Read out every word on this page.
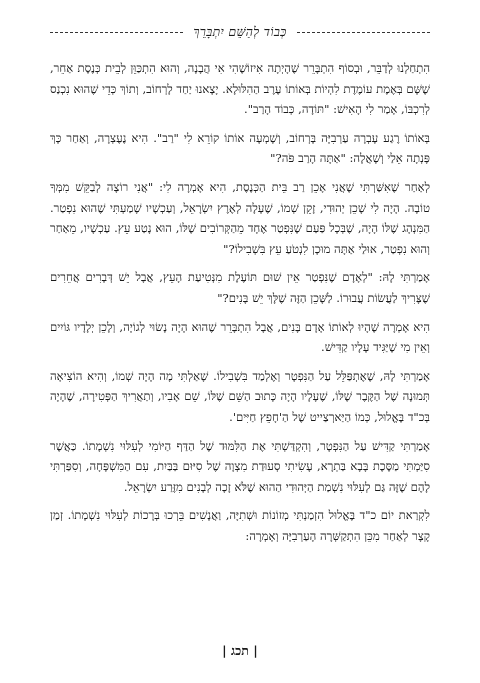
כְּבוֹד לְהַשֵּׁם יִתְבָּרֵךְ

הִתְחַלְנוּ לְדַבֵּר, וּבְסוֹף הִתְבָּרֵר שֶׁהָיְתָה אִיזוֹשֶׁהִי אִי הֲבָנָה, וְהוּא הִתְכַּוֵּן לְבֵית כְּנֶסֶת אַחֵר, שֶׁשָּׁם בְּאֶמֶת עוֹמֶדֶת לִהְיוֹת בְּאוֹתוֹ עֶרֶב הַהִלּוּלָא. יָצָאנוּ יַחַד לָרְחוֹב, וְתוֹךְ כְּדֵי שֶׁהוּא נִכְנַס לְרִכְבּוֹ, אָמַר לִי הָאִישׁ: "תּוֹדָה, כְּבוֹד הָרַב".

בְּאוֹתוֹ רֶגַע עָבְרָה עַרְבִיָּה בָּרְחוֹב, וְשָׁמְעָה אוֹתוֹ קוֹרֵא לִי "רַב". הִיא נֶעֶצְרָה, וְאַחַר כָּךְ פָּנְתָה אֵלַי וְשָׁאֲלָה: "אַתָּה הָרַב פֹּה?"

לְאַחַר שֶׁאִשַּׁרְתִּי שֶׁאֲנִי אָכֵן רַב בֵּית הַכְּנֶסֶת, הִיא אָמְרָה לִי: "אֲנִי רוֹצָה לְבַקֵּשׁ מִמְּךָ טוֹבָה. הָיָה לִי שָׁכֵן יְהוּדִי, זָקֵן שְׁמוֹ, שֶׁעָלָה לְאֶרֶץ יִשְׂרָאֵל, וְעַכְשָׁיו שָׁמַעְתִּי שֶׁהוּא נִפְטַר. הַמִּנְהָג שֶׁלּוֹ הָיָה, שֶׁבְּכָל פַּעַם שֶׁנִּפְטַר אֶחָד מֵהַקְּרוֹבִים שֶׁלּוֹ, הוּא נָטַע עֵץ. עַכְשָׁיו, מֵאַחַר וְהוּא נִפְטַר, אוּלַי אַתָּה מוּכָן לִנְטֹעַ עֵץ בִּשְׁבִילוֹ?"

אָמַרְתִּי לָהּ: "לְאָדָם שֶׁנִּפְטַר אֵין שׁוּם תּוֹעֶלֶת מִנְּטִיעַת הָעֵץ, אֲבָל יֵשׁ דְּבָרִים אֲחֵרִים שֶׁצָּרִיךְ לַעֲשׂוֹת עֲבוּרוֹ. לַשָּׁכֵן הַזֶּה שֶׁלָּךְ יֵשׁ בָּנִים?"

הִיא אָמְרָה שֶׁהָיוּ לְאוֹתוֹ אָדָם בָּנִים, אֲבָל הִתְבָּרֵר שֶׁהוּא הָיָה נָשׂוּי לְגוֹיָה, וְלָכֵן יְלָדָיו גּוֹיִים וְאֵין מִי שֶׁיַּגִּיד עָלָיו קַדִּישׁ.

אָמַרְתִּי לָהּ, שֶׁאֶתְפַּלֵּל עַל הַנִּפְטָר וְאֶלְמַד בִּשְׁבִילוֹ. שָׁאַלְתִּי מָה הָיָה שְׁמוֹ, וְהִיא הוֹצִיאָה תְּמוּנָה שֶׁל הַקֶּבֶר שֶׁלּוֹ, שֶׁעָלָיו הָיָה כָּתוּב הַשֵּׁם שֶׁלּוֹ, שֵׁם אָבִיו, וְתַאֲרִיךְ הַפְּטִירָה, שֶׁהָיָה בְּכ"ד בֶּאֱלוּל, כְּמוֹ הַיַּארְצַייט שֶׁל הַ'חָפֵץ חַיִּים'.

אָמַרְתִּי קַדִּישׁ עַל הַנִּפְטָר, וְהִקְדַּשְׁתִּי אֶת הַלִּמּוּד שֶׁל הַדַּף הַיּוֹמִי לְעִלּוּי נִשְׁמָתוֹ. כַּאֲשֶׁר סִיַּמְתִּי מַסֶּכֶת בָּבָא בַּתְרָא, עָשִׂיתִי סְעוּדַת מִצְוָה שֶׁל סִיּוּם בַּבַּיִת, עִם הַמִּשְׁפָּחָה, וְסִפַּרְתִּי לָהֶם שֶׁזֶּה גַּם לְעִלּוּי נִשְׁמַת הַיְּהוּדִי הַהוּא שֶׁלֹּא זָכָה לְבָנִים מִזֶּרַע יִשְׂרָאֵל.

לִקְרַאת יוֹם כ"ד בֶּאֱלוּל הִזְמַנְתִּי מְזוֹנוֹת וּשְׁתִיָּה, וַאֲנָשִׁים בֵּרְכוּ בְּרָכוֹת לְעִלּוּי נִשְׁמָתוֹ. זְמַן קָצָר לְאַחַר מִכֵּן הִתְקַשְּׁרָה הָעַרְבִיָּה וְאָמְרָה:

| תכג |
